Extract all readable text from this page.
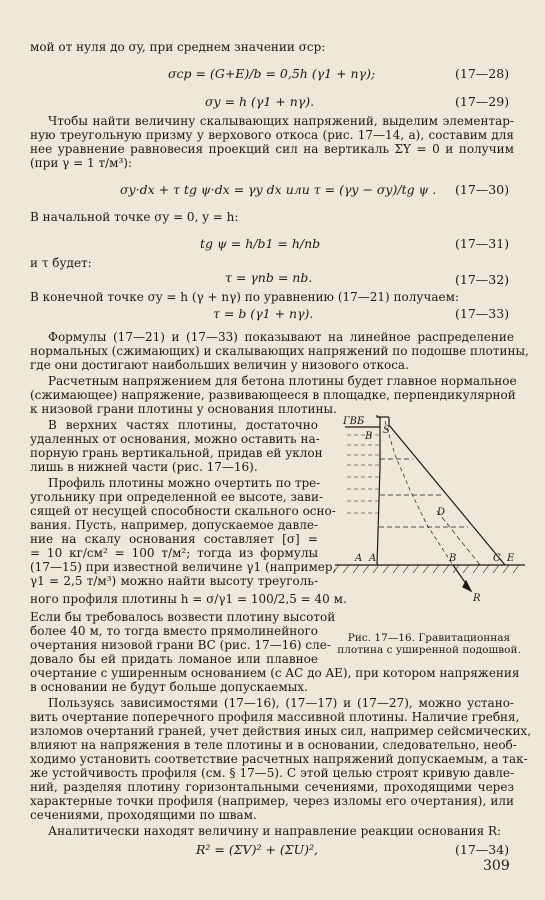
мой от нуля до σy, при среднем значении σср:
σср = (G+E)/b = 0,5h (γ1 + nγ);	(17—28)
σy = h (γ1 + nγ).	(17—29)
Чтобы найти величину скалывающих напряжений, выделим элементар-
ную треугольную призму у верхового откоса (рис. 17—14, а), составим для
нее уравнение равновесия проекций сил на вертикаль ΣY = 0 и получим
(при γ = 1 т/м³):
σy·dx + τ tg ψ·dx = γy dx или τ = (γy − σy)/tg ψ . (17—30)
В начальной точке σy = 0, y = h:
tg ψ = h/b1 = h/nb	(17—31)
и τ будет:
τ = γnb = nb.	(17—32)
В конечной точке σy = h (γ + nγ) по уравнению (17—21) получаем:
τ = b (γ1 + nγ).	(17—33)
Формулы (17—21) и (17—33) показывают на линейное распределение
нормальных (сжимающих) и скалывающих напряжений по подошве плотины,
где они достигают наибольших величин у низового откоса.
Расчетным напряжением для бетона плотины будет главное нормальное
(сжимающее) напряжение, развивающееся в площадке, перпендикулярной
к низовой грани плотины у основания плотины.
В верхних частях плотины, достаточно
удаленных от основания, можно оставить на-
порную грань вертикальной, придав ей уклон
лишь в нижней части (рис. 17—16).
Профиль плотины можно очертить по тре-
угольнику при определенной ее высоте, зави-
сящей от несущей способности скального осно-
вания. Пусть, например, допускаемое давле-
ние на скалу основания составляет [σ] =
= 10 кг/см² = 100 т/м²; тогда из формулы
(17—15) при известной величине γ1 (например,
γ1 = 2,5 т/м³) можно найти высоту треуголь-
ного профиля плотины h = σ/γ1 = 100/2,5 = 40 м.
Если бы требовалось возвести плотину высотой
более 40 м, то тогда вместо прямолинейного
очертания низовой грани BC (рис. 17—16) сле-
довало бы ей придать ломаное или плавное
ГВБ
S
B
D
A
A	B	C E
R
Рис. 17—16. Гравитационная плотина с уширенной подошвой.
очертание с уширенным основанием (с AC до AE), при котором напряжения
в основании не будут больше допускаемых.
Пользуясь зависимостями (17—16), (17—17) и (17—27), можно устано-
вить очертание поперечного профиля массивной плотины. Наличие гребня,
изломов очертаний граней, учет действия иных сил, например сейсмических,
влияют на напряжения в теле плотины и в основании, следовательно, необ-
ходимо установить соответствие расчетных напряжений допускаемым, а так-
же устойчивость профиля (см. § 17—5). С этой целью строят кривую давле-
ний, разделяя плотину горизонтальными сечениями, проходящими через
характерные точки профиля (например, через изломы его очертания), или
сечениями, проходящими по швам.
Аналитически находят величину и направление реакции основания R:
R² = (ΣV)² + (ΣU)²,	(17—34)
309
